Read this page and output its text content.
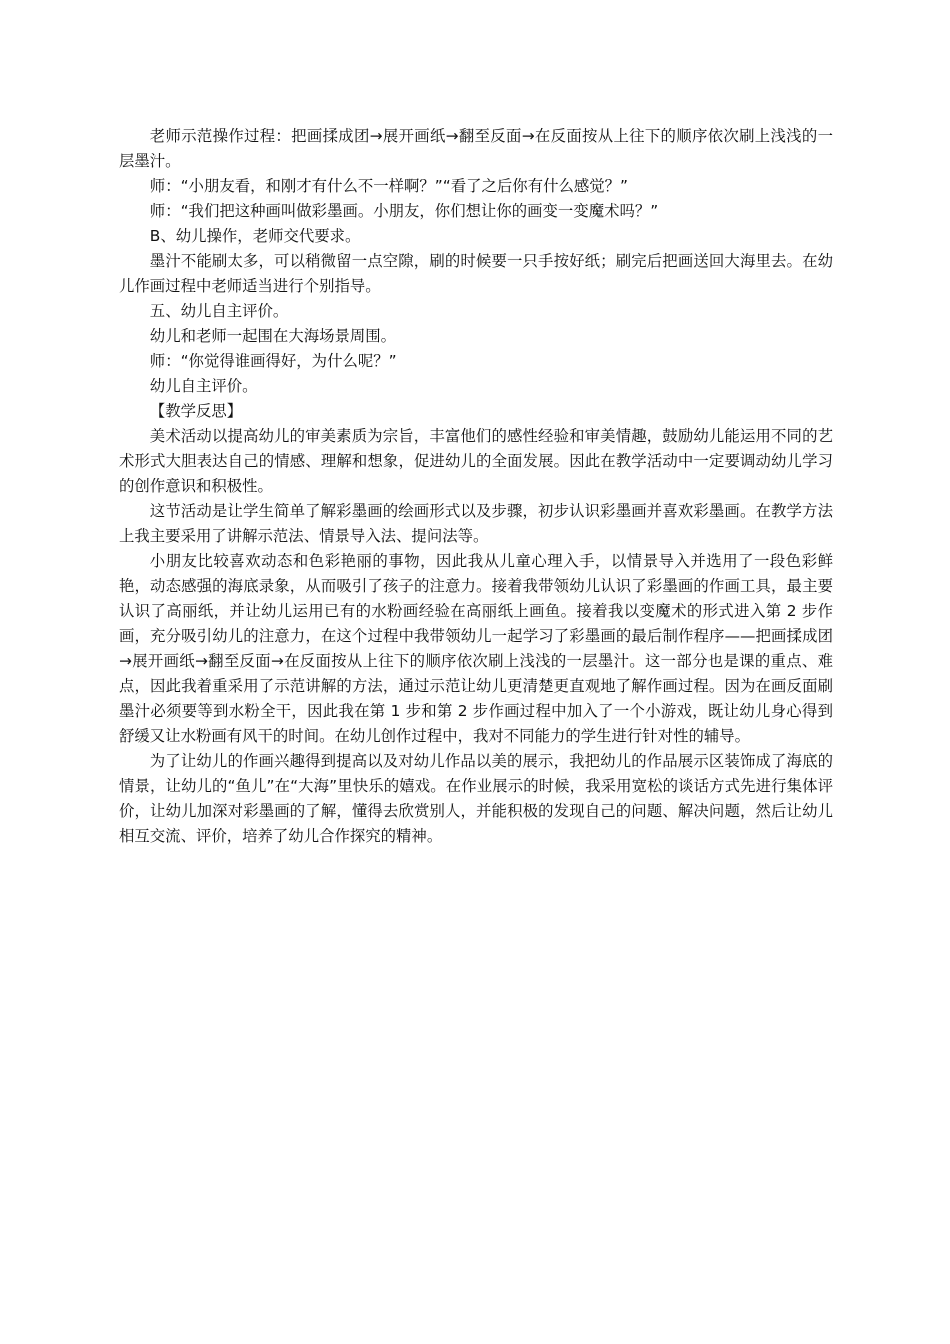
老师示范操作过程：把画揉成团→展开画纸→翻至反面→在反面按从上往下的顺序依次刷上浅浅的一层墨汁。

师：“小朋友看，和刚才有什么不一样啊？”“看了之后你有什么感觉？”

师：“我们把这种画叫做彩墨画。小朋友，你们想让你的画变一变魔术吗？”

B、幼儿操作，老师交代要求。

墨汁不能刷太多，可以稍微留一点空隙，刷的时候要一只手按好纸；刷完后把画送回大海里去。在幼儿作画过程中老师适当进行个别指导。

五、幼儿自主评价。

幼儿和老师一起围在大海场景周围。

师：“你觉得谁画得好，为什么呢？”

幼儿自主评价。

【教学反思】

美术活动以提高幼儿的审美素质为宗旨，丰富他们的感性经验和审美情趣，鼓励幼儿能运用不同的艺术形式大胆表达自己的情感、理解和想象，促进幼儿的全面发展。因此在教学活动中一定要调动幼儿学习的创作意识和积极性。

这节活动是让学生简单了解彩墨画的绘画形式以及步骤，初步认识彩墨画并喜欢彩墨画。在教学方法上我主要采用了讲解示范法、情景导入法、提问法等。

小朋友比较喜欢动态和色彩艳丽的事物，因此我从儿童心理入手，以情景导入并选用了一段色彩鲜艳，动态感强的海底录象，从而吸引了孩子的注意力。接着我带领幼儿认识了彩墨画的作画工具，最主要认识了高丽纸，并让幼儿运用已有的水粉画经验在高丽纸上画鱼。接着我以变魔术的形式进入第 2 步作画，充分吸引幼儿的注意力，在这个过程中我带领幼儿一起学习了彩墨画的最后制作程序——把画揉成团→展开画纸→翻至反面→在反面按从上往下的顺序依次刷上浅浅的一层墨汁。这一部分也是课的重点、难点，因此我着重采用了示范讲解的方法，通过示范让幼儿更清楚更直观地了解作画过程。因为在画反面刷墨汁必须要等到水粉全干，因此我在第 1 步和第 2 步作画过程中加入了一个小游戏，既让幼儿身心得到舒缓又让水粉画有风干的时间。在幼儿创作过程中，我对不同能力的学生进行针对性的辅导。

为了让幼儿的作画兴趣得到提高以及对幼儿作品以美的展示，我把幼儿的作品展示区装饰成了海底的情景，让幼儿的“鱼儿”在“大海”里快乐的嬉戏。在作业展示的时候，我采用宽松的谈话方式先进行集体评价，让幼儿加深对彩墨画的了解，懂得去欣赏别人，并能积极的发现自己的问题、解决问题，然后让幼儿相互交流、评价，培养了幼儿合作探究的精神。
